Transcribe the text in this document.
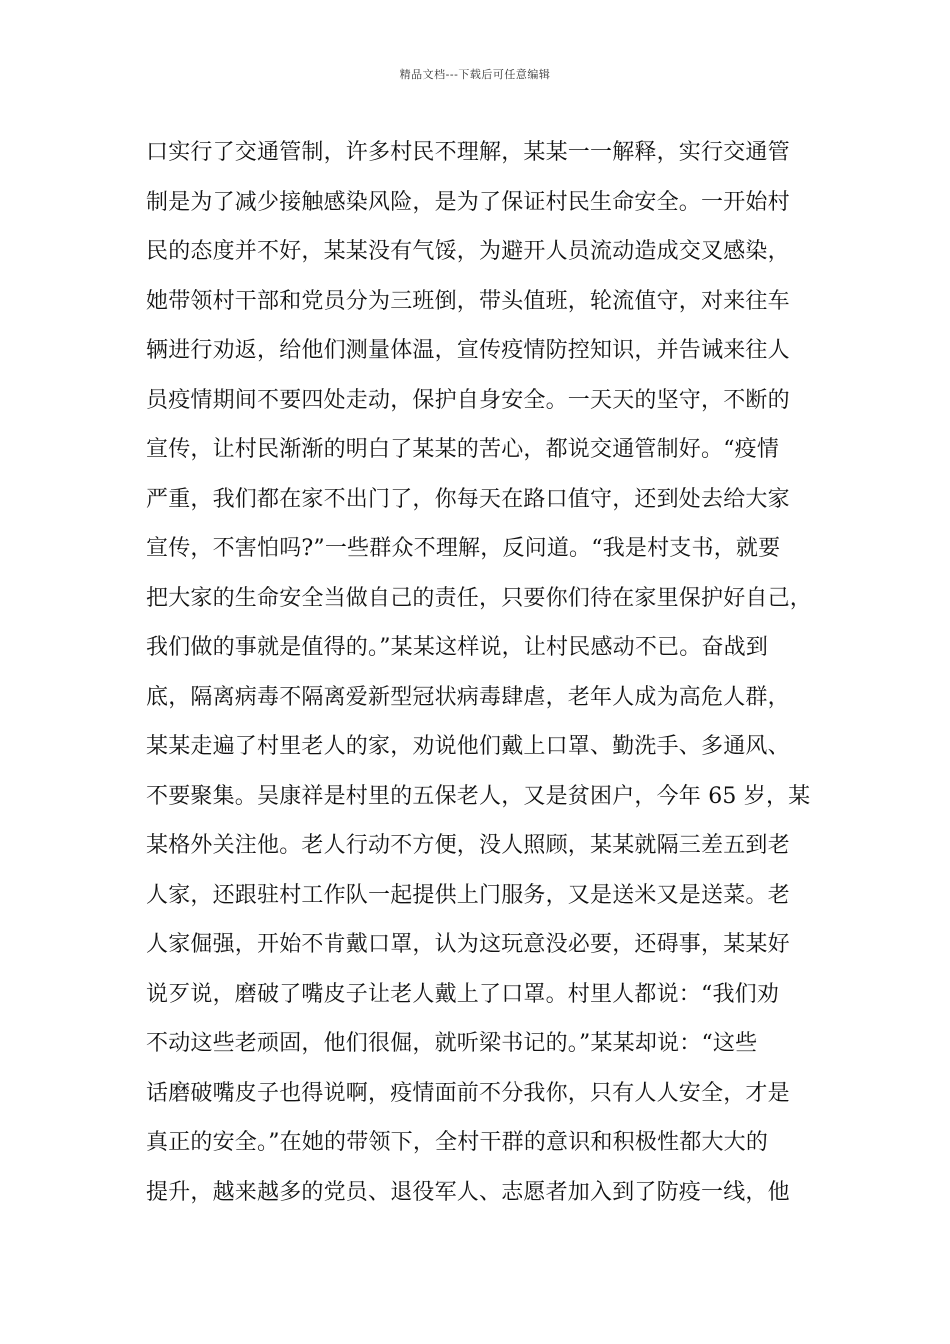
精品文档---下载后可任意编辑
口实行了交通管制，许多村民不理解，某某一一解释，实行交通管
制是为了减少接触感染风险，是为了保证村民生命安全。一开始村
民的态度并不好，某某没有气馁，为避开人员流动造成交叉感染，
她带领村干部和党员分为三班倒，带头值班，轮流值守，对来往车
辆进行劝返，给他们测量体温，宣传疫情防控知识，并告诫来往人
员疫情期间不要四处走动，保护自身安全。一天天的坚守，不断的
宣传，让村民渐渐的明白了某某的苦心，都说交通管制好。“疫情
严重，我们都在家不出门了，你每天在路口值守，还到处去给大家
宣传，不害怕吗?”一些群众不理解，反问道。“我是村支书，就要
把大家的生命安全当做自己的责任，只要你们待在家里保护好自己，
我们做的事就是值得的。”某某这样说，让村民感动不已。奋战到
底，隔离病毒不隔离爱新型冠状病毒肆虐，老年人成为高危人群，
某某走遍了村里老人的家，劝说他们戴上口罩、勤洗手、多通风、
不要聚集。吴康祥是村里的五保老人，又是贫困户，今年 65 岁，某
某格外关注他。老人行动不方便，没人照顾，某某就隔三差五到老
人家，还跟驻村工作队一起提供上门服务，又是送米又是送菜。老
人家倔强，开始不肯戴口罩，认为这玩意没必要，还碍事，某某好
说歹说，磨破了嘴皮子让老人戴上了口罩。村里人都说：“我们劝
不动这些老顽固，他们很倔，就听梁书记的。”某某却说：“这些
话磨破嘴皮子也得说啊，疫情面前不分我你，只有人人安全，才是
真正的安全。”在她的带领下，全村干群的意识和积极性都大大的
提升，越来越多的党员、退役军人、志愿者加入到了防疫一线，他
